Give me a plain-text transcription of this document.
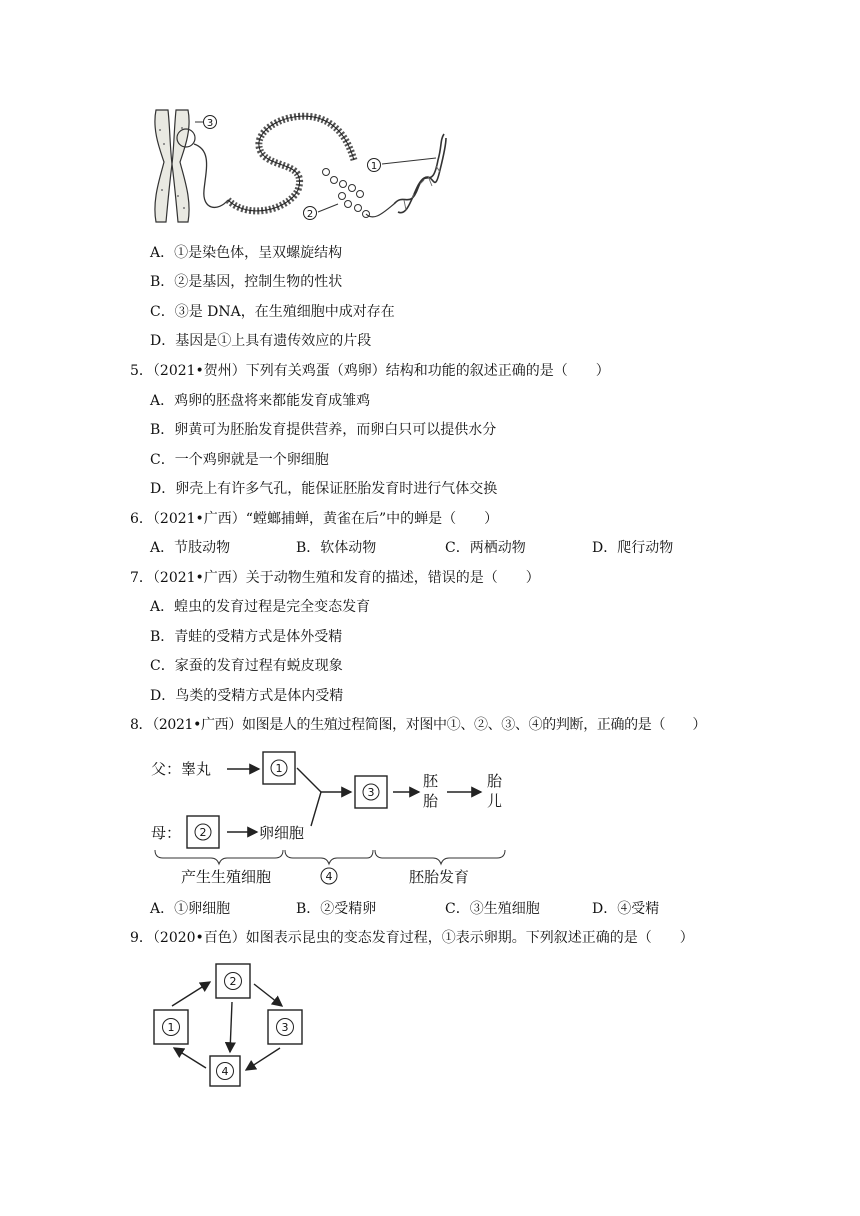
3
1
2
A．①是染色体，呈双螺旋结构
B．②是基因，控制生物的性状
C．③是 DNA，在生殖细胞中成对存在
D．基因是①上具有遗传效应的片段
5．（2021•贺州）下列有关鸡蛋（鸡卵）结构和功能的叙述正确的是（　　）
A．鸡卵的胚盘将来都能发育成雏鸡
B．卵黄可为胚胎发育提供营养，而卵白只可以提供水分
C．一个鸡卵就是一个卵细胞
D．卵壳上有许多气孔，能保证胚胎发育时进行气体交换
6．（2021•广西）“螳螂捕蝉，黄雀在后”中的蝉是（　　）
A．节肢动物	B．软体动物	C．两栖动物	D．爬行动物
7．（2021•广西）关于动物生殖和发育的描述，错误的是（　　）
A．蝗虫的发育过程是完全变态发育
B．青蛙的受精方式是体外受精
C．家蚕的发育过程有蜕皮现象
D．鸟类的受精方式是体内受精
8．（2021•广西）如图是人的生殖过程简图，对图中①、②、③、④的判断，正确的是（　　）
父：睾丸	1
母： 2	卵细胞
3
胚
胎
胎
儿
产生生殖细胞	4	胚胎发育
A．①卵细胞	B．②受精卵	C．③生殖细胞	D．④受精
9．（2020•百色）如图表示昆虫的变态发育过程，①表示卵期。下列叙述正确的是（　　）
2
1	3
4
